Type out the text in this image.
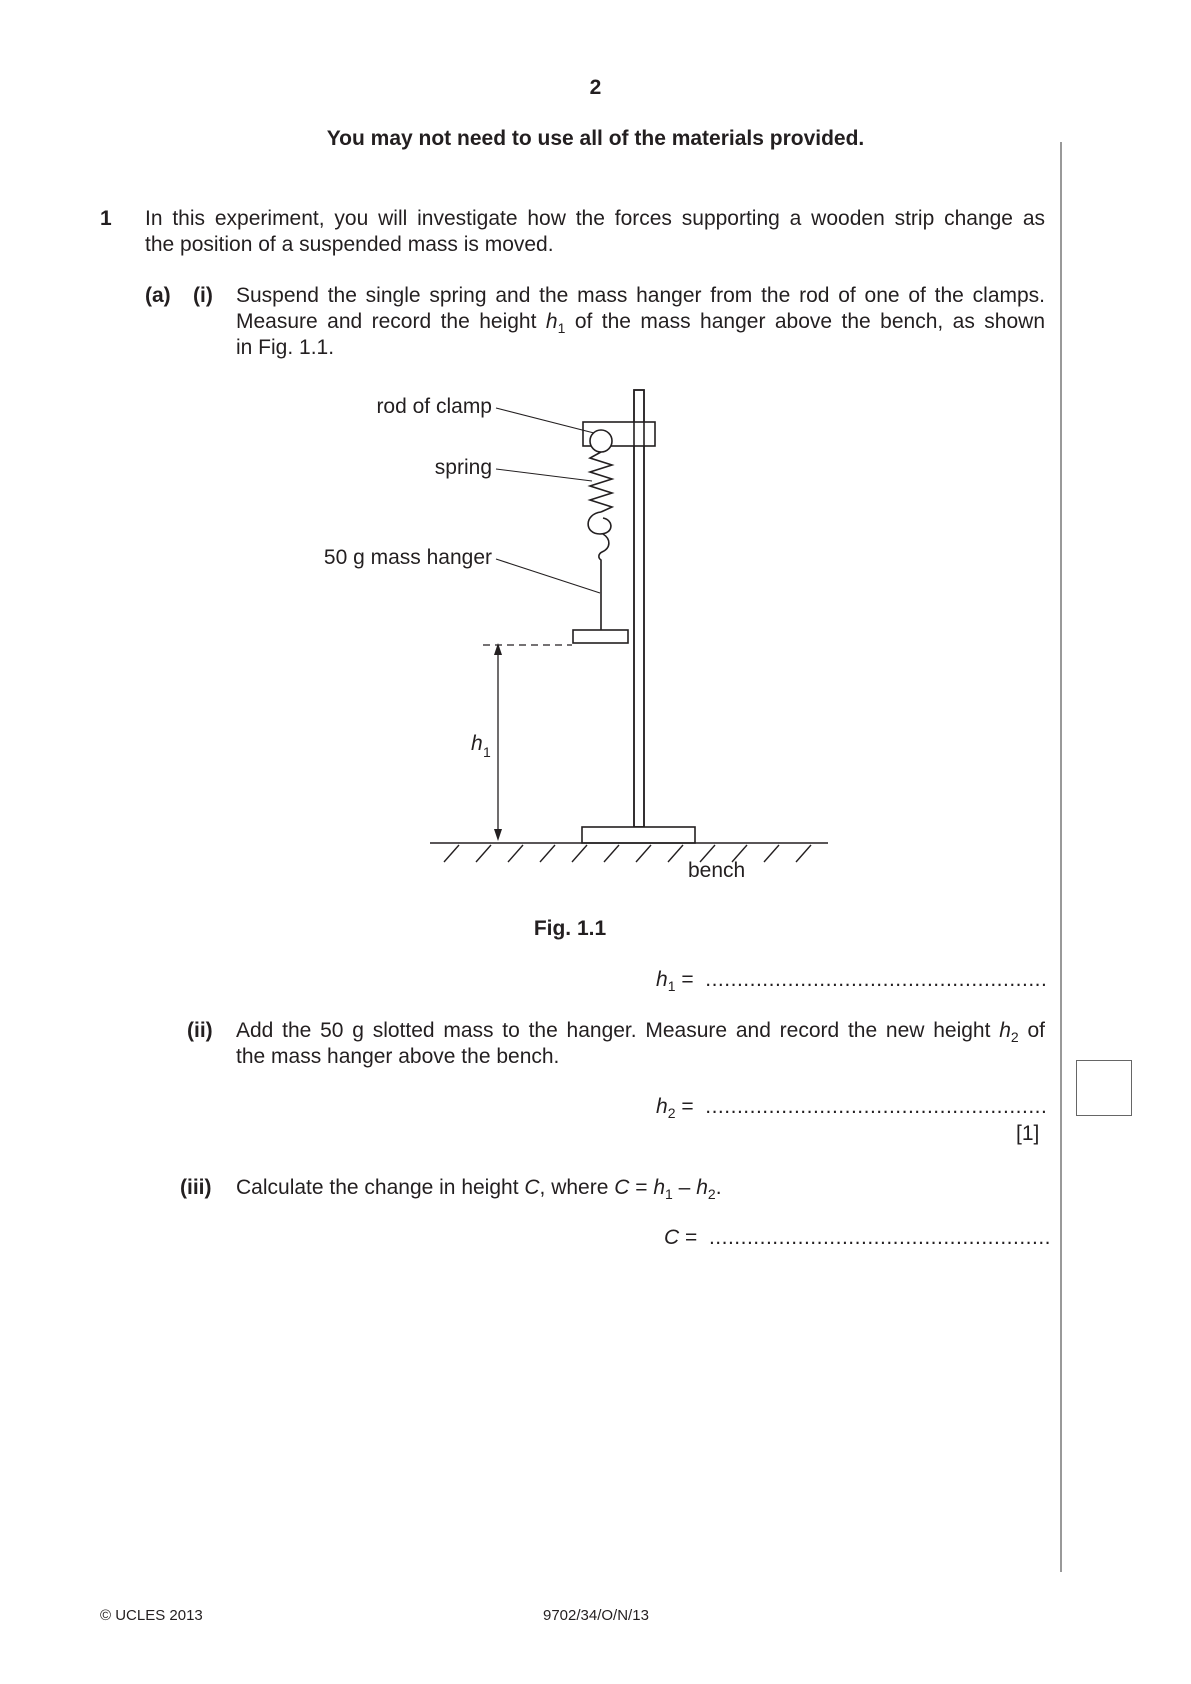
2
You may not need to use all of the materials provided.
1 In this experiment, you will investigate how the forces supporting a wooden strip change as
the position of a suspended mass is moved.
(a) (i) Suspend the single spring and the mass hanger from the rod of one of the clamps.
Measure and record the height $h_1$ of the mass hanger above the bench, as shown
in Fig. 1.1.
rod of clamp
spring
50 g mass hanger
h 1
bench
Fig. 1.1
$h_1$ = ......................................................
(ii) Add the 50 g slotted mass to the hanger. Measure and record the new height $h_2$ of
the mass hanger above the bench.
$h_2$ = ......................................................
[1]
(iii) Calculate the change in height C, where $C = h_1 - h_2$.
C = ......................................................
© UCLES 2013	9702/34/O/N/13
